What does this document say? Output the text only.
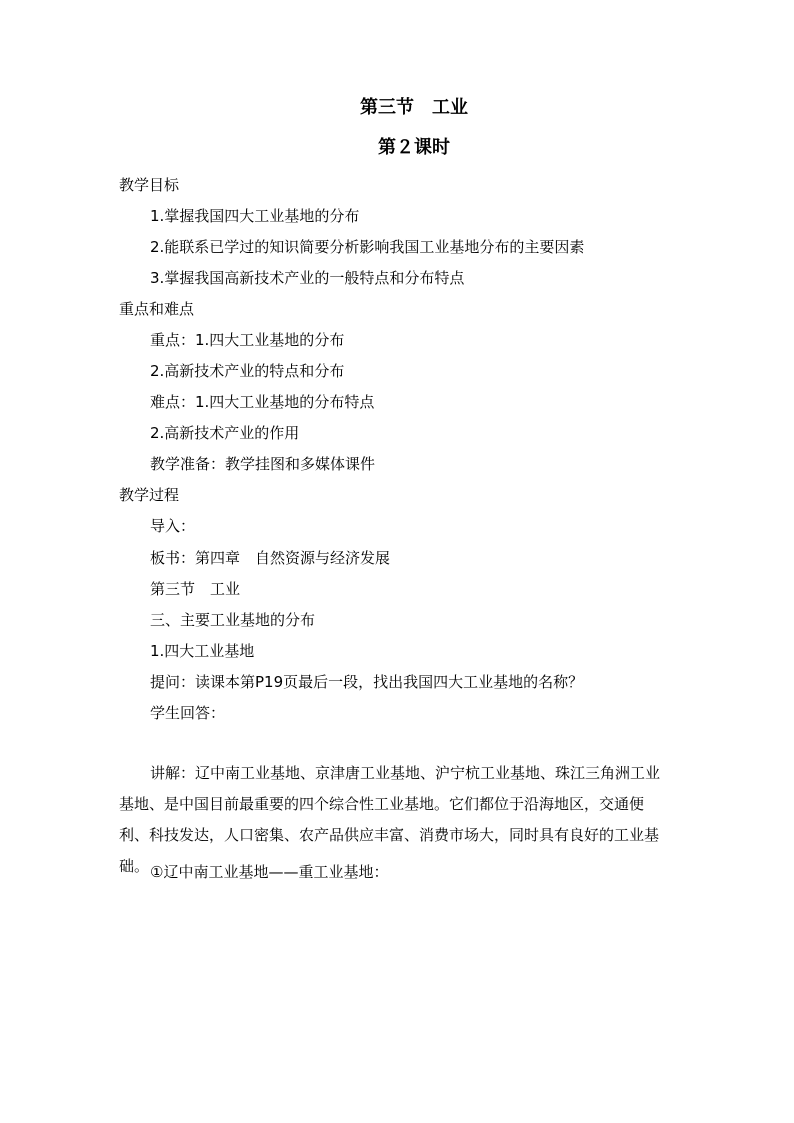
第三节　工业
第２课时
教学目标
1.掌握我国四大工业基地的分布
2.能联系已学过的知识简要分析影响我国工业基地分布的主要因素
3.掌握我国高新技术产业的一般特点和分布特点
重点和难点
重点：1.四大工业基地的分布
2.高新技术产业的特点和分布
难点：1.四大工业基地的分布特点
2.高新技术产业的作用
教学准备：教学挂图和多媒体课件
教学过程
导入：
板书：第四章　自然资源与经济发展
第三节　工业
三、主要工业基地的分布
1.四大工业基地
提问：读课本第P19页最后一段，找出我国四大工业基地的名称？
学生回答：
讲解：辽中南工业基地、京津唐工业基地、沪宁杭工业基地、珠江三角洲工业基地、是中国目前最重要的四个综合性工业基地。它们都位于沿海地区，交通便利、科技发达，人口密集、农产品供应丰富、消费市场大，同时具有良好的工业基础。 ①辽中南工业基地——重工业基地：
